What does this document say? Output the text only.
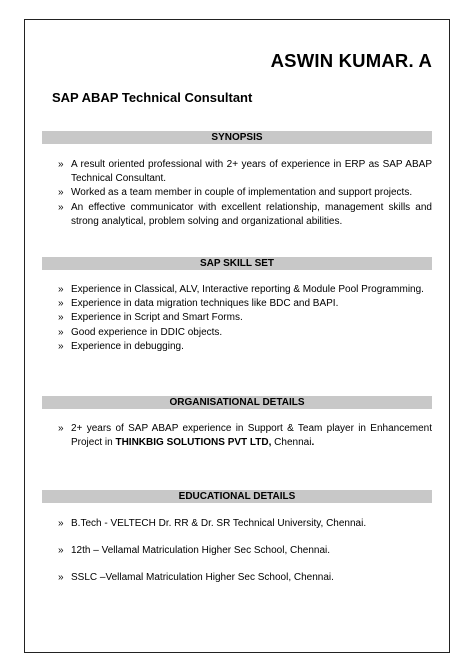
ASWIN KUMAR. A
SAP ABAP Technical Consultant
SYNOPSIS
» A result oriented professional with 2+ years of experience in ERP as SAP ABAP Technical Consultant.
» Worked as a team member in couple of implementation and support projects.
» An effective communicator with excellent relationship, management skills and strong analytical, problem solving and organizational abilities.
SAP SKILL SET
» Experience in Classical, ALV, Interactive reporting & Module Pool Programming.
» Experience in data migration techniques like BDC and BAPI.
» Experience in Script and Smart Forms.
» Good experience in DDIC objects.
» Experience in debugging.
ORGANISATIONAL DETAILS
» 2+ years of SAP ABAP experience in Support & Team player in Enhancement Project in THINKBIG SOLUTIONS PVT LTD, Chennai.
EDUCATIONAL DETAILS
» B.Tech - VELTECH Dr. RR & Dr. SR Technical University, Chennai.
» 12th – Vellamal Matriculation Higher Sec School, Chennai.
» SSLC –Vellamal Matriculation Higher Sec School, Chennai.
